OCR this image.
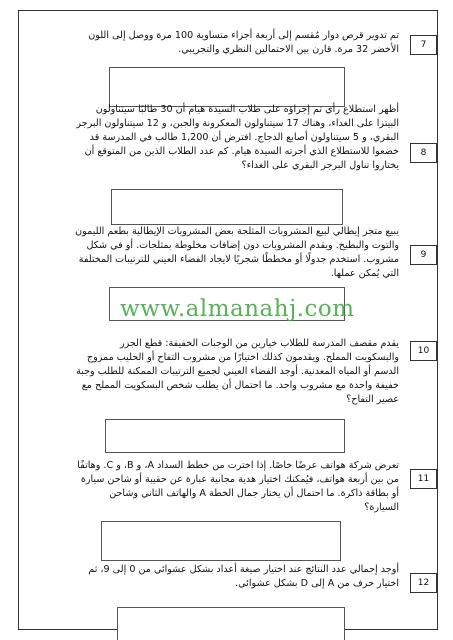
تم تدوير قرص دوار مُقسم إلى أربعة أجزاء متساوية 100 مرة ووصل إلى اللون الأخضر 32 مرة. قارن بين الاحتمالين النظري والتجريبي.	7
أظهر استطلاع رأي تم إجراؤه على طلاب السيدة هيام أن 30 طالبًا سيتناولون البيتزا على الغداء، وهناك 17 سيتناولون المعكرونة والجبن، و 12 سيتناولون البرجر البقري، و 5 سيتناولون أصابع الدجاج. افترض أن 1,200 طالب في المدرسة قد خضعوا للاستطلاع الذي أجرته السيدة هيام. كم عدد الطلاب الذين من المتوقع أن يختاروا تناول البرجر البقري على الغداء؟
8
يبيع متجر إيطالي لبيع المشروبات المثلجة بعض المشروبات الإيطالية بطعم الليمون والتوت والبطيخ. ويقدم المشروبات دون إضافات مخلوطة بمثلجات. أو في شكل مشروب. استخدم جدولًا أو مخططًا شجريًا لايجاد الفضاء العيني للترتيبات المختلفة التي يُمكن عملها.
9
يقدم مقصف المدرسة للطلاب خيارين من الوجبات الخفيفة: قطع الجزر والبسكويت المملح. ويقدمون كذلك اختيارًا من مشروب التفاح أو الحليب ممزوج الدسم أو المياه المعدنية. أوجد الفضاء العيني لجميع الترتيبات الممكنة للطلب وجبة خفيفة واحدة مع مشروب واحد. ما احتمال أن يطلب شخص البسكويت المملح مع عصير التفاح؟
10
تعرض شركة هواتف عرضًا خاصًا. إذا اخترت من خطط السداد A، و B، و C. وهاتفًا من بين أربعة هواتف، فيُمكنك اختيار هدية مجانية عبارة عن حقيبة أو شاحن سيارة أو بطاقة ذاكرة. ما احتمال أن يختار جمال الخطة A والهاتف الثاني وشاحن السيارة؟
11
أوجد إجمالي عدد النتائج عند اختيار صيغة أعداد بشكل عشوائي من 0 إلى 9، ثم اختيار حرف من A إلى D بشكل عشوائي.	12
www.almanahj.com
